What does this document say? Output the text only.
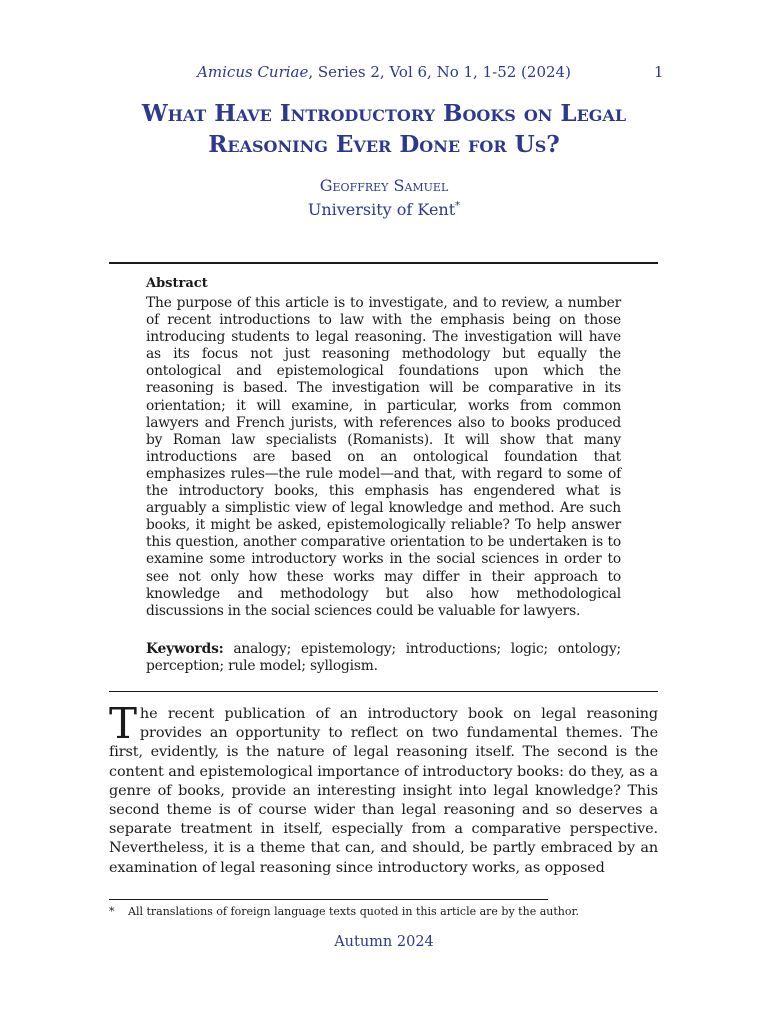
Amicus Curiae, Series 2, Vol 6, No 1, 1-52 (2024)	1
What Have Introductory Books on Legal
Reasoning Ever Done for Us?
Geoffrey Samuel
University of Kent*
Abstract
The purpose of this article is to investigate, and to review, a number of recent introductions to law with the emphasis being on those introducing students to legal reasoning. The investigation will have as its focus not just reasoning methodology but equally the ontological and epistemological foundations upon which the reasoning is based. The investigation will be comparative in its orientation; it will examine, in particular, works from common lawyers and French jurists, with references also to books produced by Roman law specialists (Romanists). It will show that many introductions are based on an ontological foundation that emphasizes rules—the rule model—and that, with regard to some of the introductory books, this emphasis has engendered what is arguably a simplistic view of legal knowledge and method. Are such books, it might be asked, epistemologically reliable? To help answer this question, another comparative orientation to be undertaken is to examine some introductory works in the social sciences in order to see not only how these works may differ in their approach to knowledge and methodology but also how methodological discussions in the social sciences could be valuable for lawyers.
Keywords: analogy; epistemology; introductions; logic; ontology; perception; rule model; syllogism.
The recent publication of an introductory book on legal reasoning provides an opportunity to reflect on two fundamental themes. The first, evidently, is the nature of legal reasoning itself. The second is the content and epistemological importance of introductory books: do they, as a genre of books, provide an interesting insight into legal knowledge? This second theme is of course wider than legal reasoning and so deserves a separate treatment in itself, especially from a comparative perspective. Nevertheless, it is a theme that can, and should, be partly embraced by an examination of legal reasoning since introductory works, as opposed
* All translations of foreign language texts quoted in this article are by the author.
Autumn 2024
